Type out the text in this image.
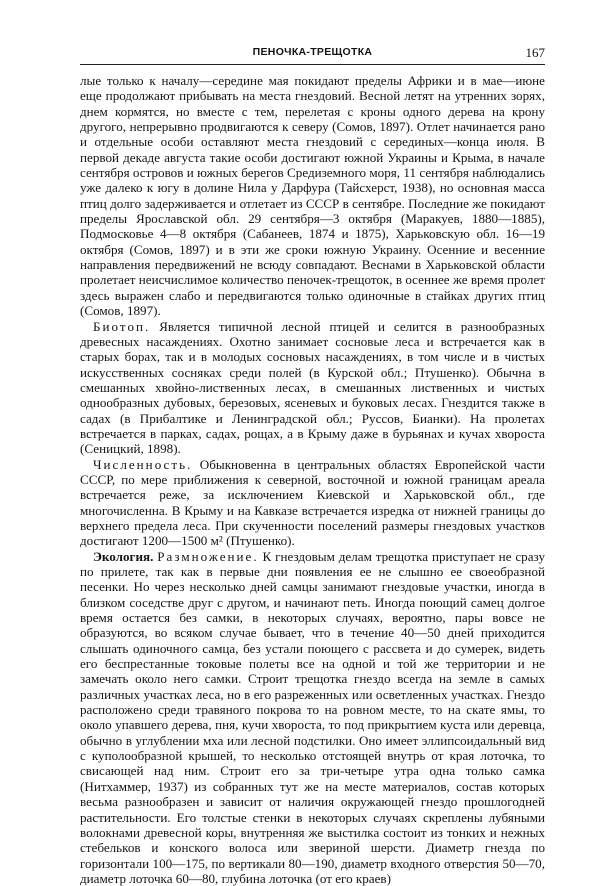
ПЕНОЧКА-ТРЕЩОТКА	167

лые только к началу—середине мая покидают пределы Африки и в мае—июне еще продолжают прибывать на места гнездовий. Весной летят на утренних зорях, днем кормятся, но вместе с тем, перелетая с кроны одного дерева на крону другого, непрерывно продвигаются к северу (Сомов, 1897). Отлет начинается рано и отдельные особи оставляют места гнездовий с серединых—конца июля. В первой декаде августа такие особи достигают южной Украины и Крыма, в начале сентября островов и южных берегов Средиземного моря, 11 сентября наблюдались уже далеко к югу в долине Нила у Дарфура (Тайсхерст, 1938), но основная масса птиц долго задерживается и отлетает из СССР в сентябре. Последние же покидают пределы Ярославской обл. 29 сентября—3 октября (Маракуев, 1880—1885), Подмосковье 4—8 октября (Сабанеев, 1874 и 1875), Харьковскую обл. 16—19 октября (Сомов, 1897) и в эти же сроки южную Украину. Осенние и весенние направления передвижений не всюду совпадают. Веснами в Харьковской области пролетает неисчислимое количество пеночек-трещоток, в осеннее же время пролет здесь выражен слабо и передвигаются только одиночные в стайках других птиц (Сомов, 1897).

Биотоп. Является типичной лесной птицей и селится в разнообразных древесных насаждениях. Охотно занимает сосновые леса и встречается как в старых борах, так и в молодых сосновых насаждениях, в том числе и в чистых искусственных сосняках среди полей (в Курской обл.; Птушенко). Обычна в смешанных хвойно-лиственных лесах, в смешанных лиственных и чистых однообразных дубовых, березовых, ясеневых и буковых лесах. Гнездится также в садах (в Прибалтике и Ленинградской обл.; Руссов, Бианки). На пролетах встречается в парках, садах, рощах, а в Крыму даже в бурьянах и кучах хвороста (Сеницкий, 1898).

Численность. Обыкновенна в центральных областях Европейской части СССР, по мере приближения к северной, восточной и южной границам ареала встречается реже, за исключением Киевской и Харьковской обл., где многочисленна. В Крыму и на Кавказе встречается изредка от нижней границы до верхнего предела леса. При скученности поселений размеры гнездовых участков достигают 1200—1500 м² (Птушенко).

Экология. Размножение. К гнездовым делам трещотка приступает не сразу по прилете, так как в первые дни появления ее не слышно ее своеобразной песенки. Но через несколько дней самцы занимают гнездовые участки, иногда в близком соседстве друг с другом, и начинают петь. Иногда поющий самец долгое время остается без самки, в некоторых случаях, вероятно, пары вовсе не образуются, во всяком случае бывает, что в течение 40—50 дней приходится слышать одиночного самца, без устали поющего с рассвета и до сумерек, видеть его беспрестанные токовые полеты все на одной и той же территории и не замечать около него самки. Строит трещотка гнездо всегда на земле в самых различных участках леса, но в его разреженных или осветленных участках. Гнездо расположено среди травяного покрова то на ровном месте, то на скате ямы, то около упавшего дерева, пня, кучи хвороста, то под прикрытием куста или деревца, обычно в углублении мха или лесной подстилки. Оно имеет эллипсоидальный вид с куполообразной крышей, то несколько отстоящей внутрь от края лоточка, то свисающей над ним. Строит его за три-четыре утра одна только самка (Нитхаммер, 1937) из собранных тут же на месте материалов, состав которых весьма разнообразен и зависит от наличия окружающей гнездо прошлогодней растительности. Его толстые стенки в некоторых случаях скреплены лубяными волокнами древесной коры, внутренняя же выстилка состоит из тонких и нежных стебельков и конского волоса или звериной шерсти. Диаметр гнезда по горизонтали 100—175, по вертикали 80—190, диаметр входного отверстия 50—70, диаметр лоточка 60—80, глубина лоточка (от его краев)
